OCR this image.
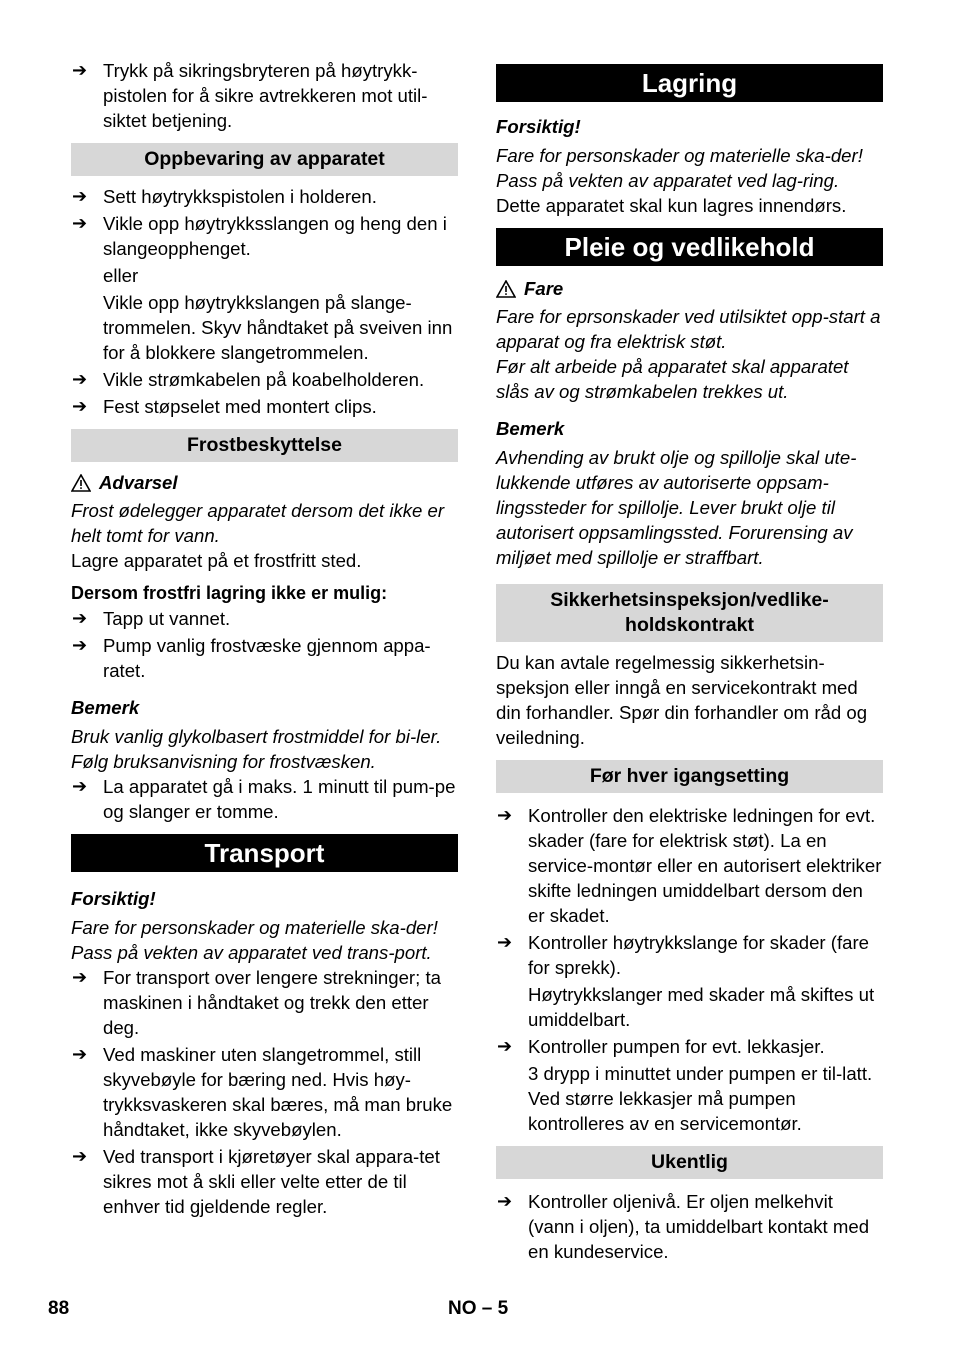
➔ Trykk på sikringsbryteren på høytrykk-pistolen for å sikre avtrekkeren mot util-siktet betjening.
Oppbevaring av apparatet
➔ Sett høytrykkspistolen i holderen.
➔ Vikle opp høytrykksslangen og heng den i slangeopphenget.
eller
Vikle opp høytrykkslangen på slange-trommelen. Skyv håndtaket på sveiven inn for å blokkere slangetrommelen.
➔ Vikle strømkabelen på koabelholderen.
➔ Fest støpselet med montert clips.
Frostbeskyttelse
Advarsel

Frost ødelegger apparatet dersom det ikke er helt tomt for vann.

Lagre apparatet på et frostfritt sted.

Dersom frostfri lagring ikke er mulig:

➔ Tapp ut vannet.
➔ Pump vanlig frostvæske gjennom appa-ratet.

Bemerk

Bruk vanlig glykolbasert frostmiddel for bi-ler.

Følg bruksanvisning for frostvæsken.

➔ La apparatet gå i maks. 1 minutt til pum-pe og slanger er tomme.
Transport

Forsiktig!

Fare for personskader og materielle ska-der! Pass på vekten av apparatet ved trans-port.

➔ For transport over lengere strekninger; ta maskinen i håndtaket og trekk den etter deg.
➔ Ved maskiner uten slangetrommel, still skyvebøyle for bæring ned. Hvis høy-trykksvaskeren skal bæres, må man bruke håndtaket, ikke skyvebøylen.
➔ Ved transport i kjøretøyer skal appara-tet sikres mot å skli eller velte etter de til enhver tid gjeldende regler.
Lagring

Forsiktig!

Fare for personskader og materielle ska-der! Pass på vekten av apparatet ved lag-ring.

Dette apparatet skal kun lagres innendørs.

Pleie og vedlikehold
Fare

Fare for eprsonskader ved utilsiktet opp-start a apparat og fra elektrisk støt.

Før alt arbeide på apparatet skal apparatet slås av og strømkabelen trekkes ut.

Bemerk

Avhending av brukt olje og spillolje skal ute-lukkende utføres av autoriserte oppsam-lingssteder for spillolje. Lever brukt olje til autorisert oppsamlingssted. Forurensing av miljøet med spillolje er straffbart.

Sikkerhetsinspeksjon/vedlike-holdskontrakt

Du kan avtale regelmessig sikkerhetsin-speksjon eller inngå en servicekontrakt med din forhandler. Spør din forhandler om råd og veiledning.

Før hver igangsetting
➔ Kontroller den elektriske ledningen for evt. skader (fare for elektrisk støt). La en service-montør eller en autorisert elektriker skifte ledningen umiddelbart dersom den er skadet.
➔ Kontroller høytrykkslange for skader (fare for sprekk).
Høytrykkslanger med skader må skiftes ut umiddelbart.
➔ Kontroller pumpen for evt. lekkasjer.
3 drypp i minuttet under pumpen er til-latt. Ved større lekkasjer må pumpen kontrolleres av en servicemontør.
Ukentlig
➔ Kontroller oljenivå. Er oljen melkehvit (vann i oljen), ta umiddelbart kontakt med en kundeservice.
88	NO – 5
